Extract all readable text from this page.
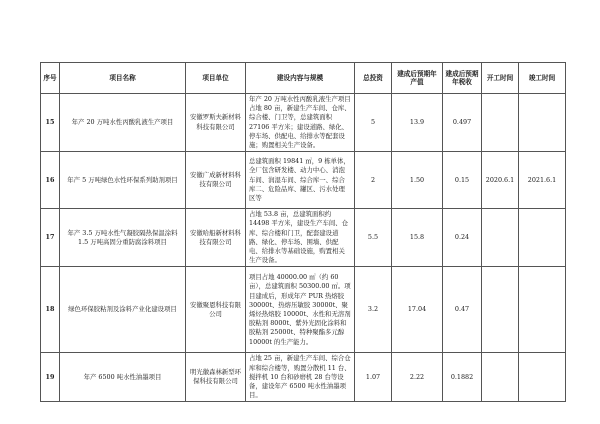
序号	项目名称	项目单位	建设内容与规模	总投资	建成后预期年产值	建成后预期年税收	开工时间	竣工时间
15	年产 20 万吨水性丙酸乳液生产项目	安徽罗斯夫新材料科技有限公司	年产 20 万吨水性丙酸乳液生产项目占地 80 亩，新建生产车间、仓库、综合楼、门卫等，总建筑面积 27106 平方米；建设道路、绿化、停车场、供配电、给排水等配套设施；购置相关生产设备。	5	13.9	0.497		
16	年产 5 万吨绿色水性环保系列助剂项目	安徽广成新材料科技有限公司	总建筑面积 19841 ㎡，9 栋单体，全厂包含研发楼、动力中心、消泡车间、润湿车间、综合库一、综合库二、危险品库、罐区、污水处理区等	2	1.50	0.15	2020.6.1	2021.6.1
17	年产 3.5 万吨水性气凝胶隔热保温涂料 1.5 万吨高固分重防腐涂料项目	安徽哈船新材料科技有限公司	占地 53.8 亩，总建筑面积约 14498 平方米，建设生产车间、仓库、综合楼和门卫，配套建设道路、绿化、停车场、围墙、供配电、给排水等基础设施，购置相关生产设备。	5.5	15.8	0.24		
18	绿色环保胶粘剂及涂料产业化建设项目	安徽聚恩科技有限公司	项目占地 40000.00 ㎡（约 60 亩），总建筑面积 50300.00 ㎡。项目建成后，形成年产 PUR 热熔胶 30000t、热熔压敏胶 30000t、聚烯烃热熔胶 10000t、水性和无溶剂胶粘剂 8000t、紫外光固化涂料和胶粘剂 25000t、特种聚酯多元醇 10000t 的生产能力。	3.2	17.04	0.47		
19	年产 6500 吨水性油墨项目	明光徽森林新型环保科技有限公司	占地 25 亩，新建生产车间、综合仓库和综合楼等，购置分散机 11 台、搅拌机 10 台和砂磨机 28 台等设备，建设年产 6500 吨水性油墨项目。	1.07	2.22	0.1882		
